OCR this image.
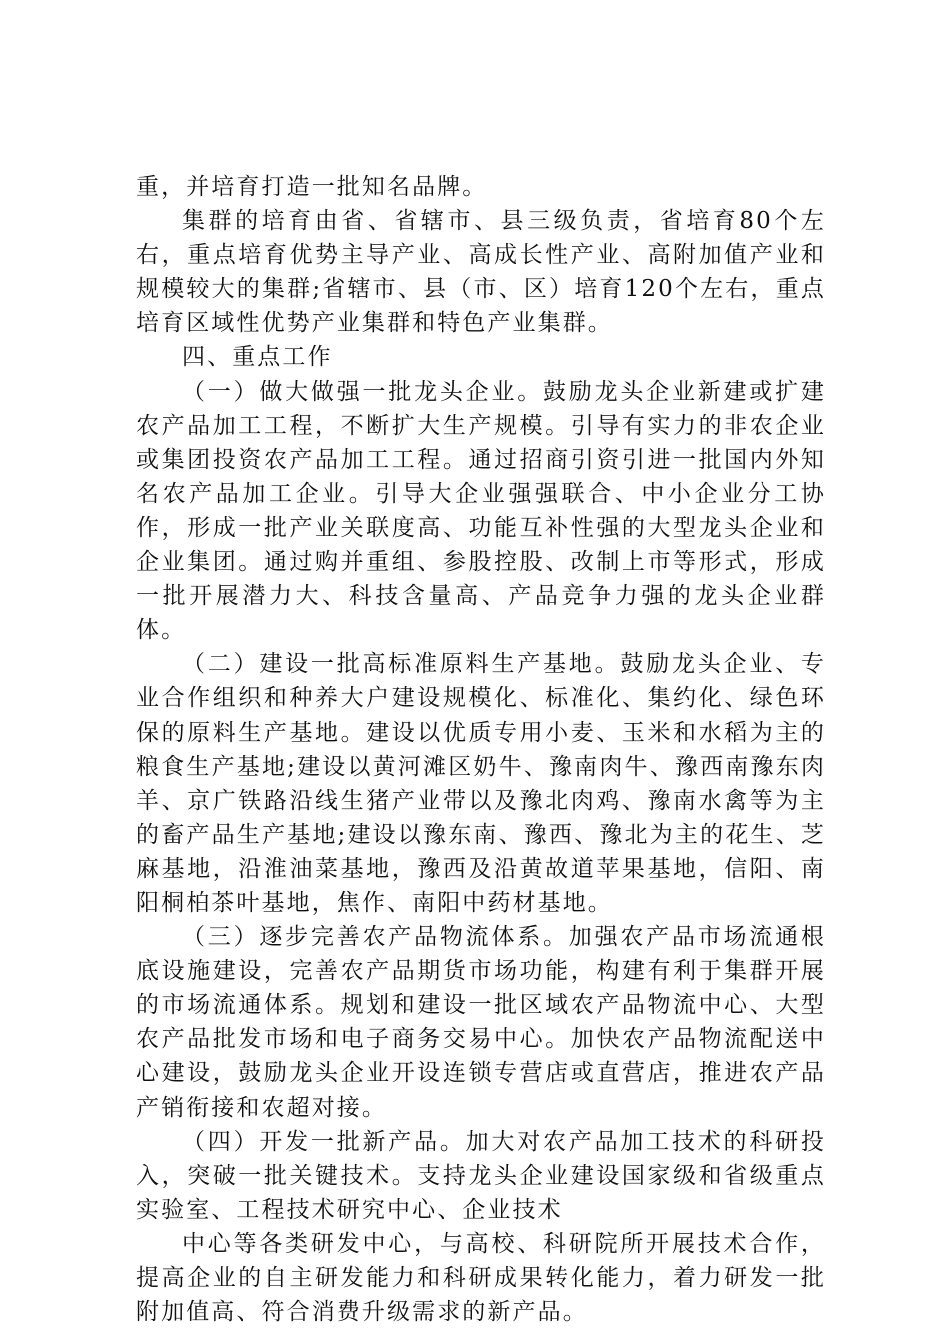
重，并培育打造一批知名品牌。

集群的培育由省、省辖市、县三级负责，省培育80个左右，重点培育优势主导产业、高成长性产业、高附加值产业和规模较大的集群;省辖市、县（市、区）培育120个左右，重点培育区域性优势产业集群和特色产业集群。

四、重点工作

（一）做大做强一批龙头企业。鼓励龙头企业新建或扩建农产品加工工程，不断扩大生产规模。引导有实力的非农企业或集团投资农产品加工工程。通过招商引资引进一批国内外知名农产品加工企业。引导大企业强强联合、中小企业分工协作，形成一批产业关联度高、功能互补性强的大型龙头企业和企业集团。通过购并重组、参股控股、改制上市等形式，形成一批开展潜力大、科技含量高、产品竞争力强的龙头企业群体。

（二）建设一批高标准原料生产基地。鼓励龙头企业、专业合作组织和种养大户建设规模化、标准化、集约化、绿色环保的原料生产基地。建设以优质专用小麦、玉米和水稻为主的粮食生产基地;建设以黄河滩区奶牛、豫南肉牛、豫西南豫东肉羊、京广铁路沿线生猪产业带以及豫北肉鸡、豫南水禽等为主的畜产品生产基地;建设以豫东南、豫西、豫北为主的花生、芝麻基地，沿淮油菜基地，豫西及沿黄故道苹果基地，信阳、南阳桐柏茶叶基地，焦作、南阳中药材基地。

（三）逐步完善农产品物流体系。加强农产品市场流通根底设施建设，完善农产品期货市场功能，构建有利于集群开展的市场流通体系。规划和建设一批区域农产品物流中心、大型农产品批发市场和电子商务交易中心。加快农产品物流配送中心建设，鼓励龙头企业开设连锁专营店或直营店，推进农产品产销衔接和农超对接。

（四）开发一批新产品。加大对农产品加工技术的科研投入，突破一批关键技术。支持龙头企业建设国家级和省级重点实验室、工程技术研究中心、企业技术

中心等各类研发中心，与高校、科研院所开展技术合作，提高企业的自主研发能力和科研成果转化能力，着力研发一批附加值高、符合消费升级需求的新产品。
